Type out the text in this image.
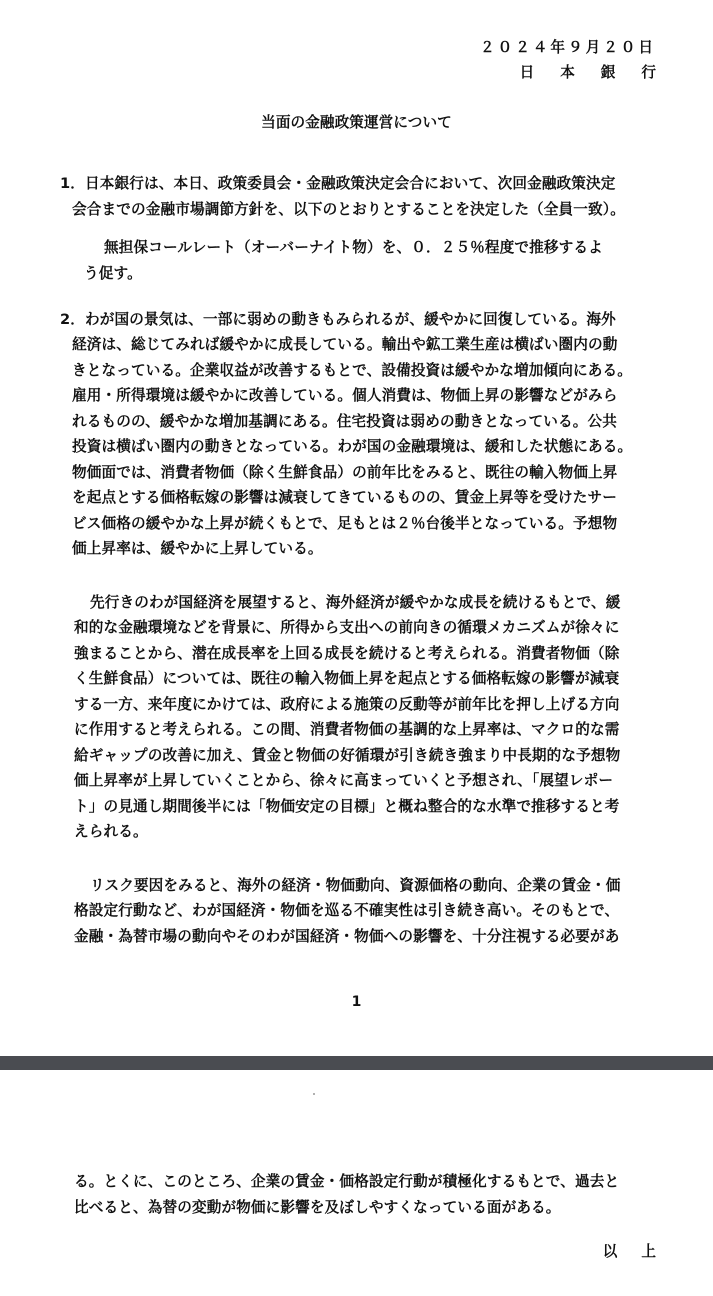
２０２４年９月２０日
日本銀行
当面の金融政策運営について
1．日本銀行は、本日、政策委員会・金融政策決定会合において、次回金融政策決定
会合までの金融市場調節方針を、以下のとおりとすることを決定した（全員一致）。
無担保コールレート（オーバーナイト物）を、０．２５％程度で推移するよ
う促す。
2．わが国の景気は、一部に弱めの動きもみられるが、緩やかに回復している。海外
経済は、総じてみれば緩やかに成長している。輸出や鉱工業生産は横ばい圏内の動
きとなっている。企業収益が改善するもとで、設備投資は緩やかな増加傾向にある。
雇用・所得環境は緩やかに改善している。個人消費は、物価上昇の影響などがみら
れるものの、緩やかな増加基調にある。住宅投資は弱めの動きとなっている。公共
投資は横ばい圏内の動きとなっている。わが国の金融環境は、緩和した状態にある。
物価面では、消費者物価（除く生鮮食品）の前年比をみると、既往の輸入物価上昇
を起点とする価格転嫁の影響は減衰してきているものの、賃金上昇等を受けたサー
ビス価格の緩やかな上昇が続くもとで、足もとは２％台後半となっている。予想物
価上昇率は、緩やかに上昇している。
先行きのわが国経済を展望すると、海外経済が緩やかな成長を続けるもとで、緩
和的な金融環境などを背景に、所得から支出への前向きの循環メカニズムが徐々に
強まることから、潜在成長率を上回る成長を続けると考えられる。消費者物価（除
く生鮮食品）については、既往の輸入物価上昇を起点とする価格転嫁の影響が減衰
する一方、来年度にかけては、政府による施策の反動等が前年比を押し上げる方向
に作用すると考えられる。この間、消費者物価の基調的な上昇率は、マクロ的な需
給ギャップの改善に加え、賃金と物価の好循環が引き続き強まり中長期的な予想物
価上昇率が上昇していくことから、徐々に高まっていくと予想され、「展望レポー
ト」の見通し期間後半には「物価安定の目標」と概ね整合的な水準で推移すると考
えられる。
リスク要因をみると、海外の経済・物価動向、資源価格の動向、企業の賃金・価
格設定行動など、わが国経済・物価を巡る不確実性は引き続き高い。そのもとで、
金融・為替市場の動向やそのわが国経済・物価への影響を、十分注視する必要があ
1
る。とくに、このところ、企業の賃金・価格設定行動が積極化するもとで、過去と
比べると、為替の変動が物価に影響を及ぼしやすくなっている面がある。
以上
